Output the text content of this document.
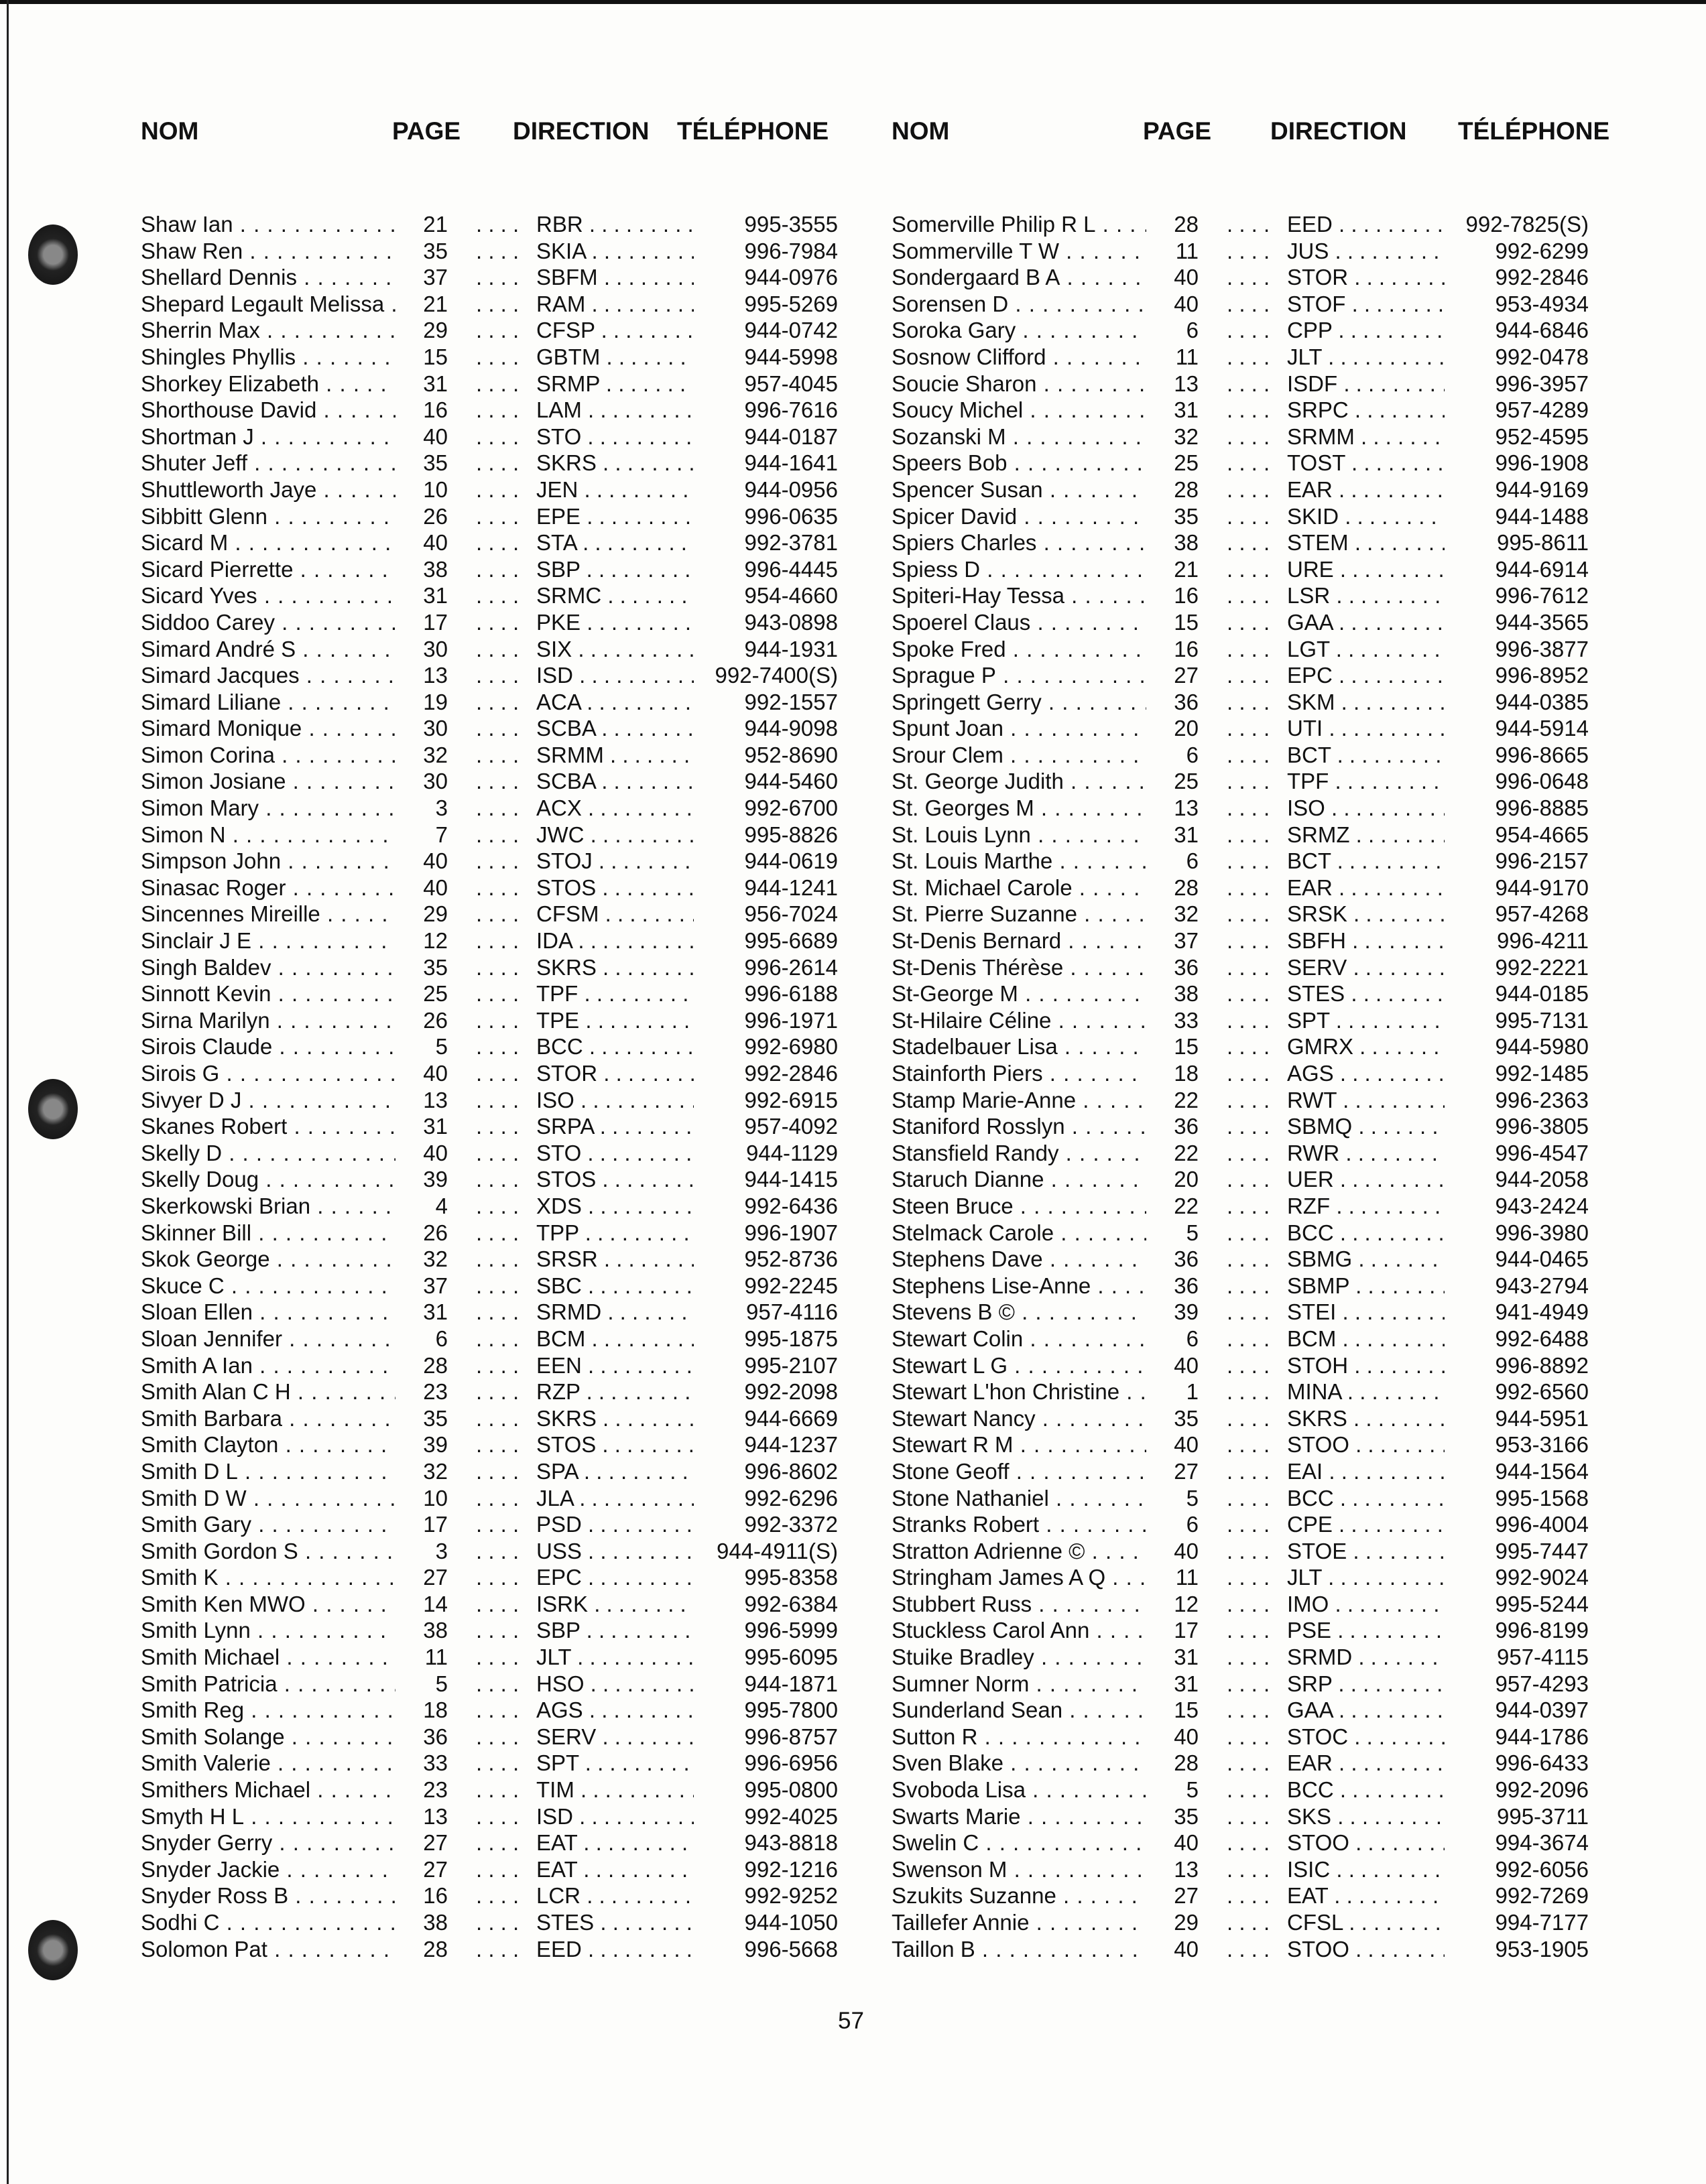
NOM	PAGE DIRECTION TÉLÉPHONE
Shaw Ian . . .	21 . . . . RBR . . .	995-3555
Shaw Ren . . .	35 . . . . SKIA . . .	996-7984
Shellard Dennis . . .	37 . . . . SBFM . . .	944-0976
Shepard Legault Melissa . . .	21 . . . . RAM . . .	995-5269
Sherrin Max . . .	29 . . . . CFSP . . .	944-0742
Shingles Phyllis . . .	15 . . . . GBTM . . .	944-5998
Shorkey Elizabeth . . .	31 . . . . SRMP . . .	957-4045
Shorthouse David . . .	16 . . . . LAM . . .	996-7616
Shortman J . . .	40 . . . . STO . . .	944-0187
Shuter Jeff . . .	35 . . . . SKRS . . .	944-1641
Shuttleworth Jaye . . .	10 . . . . JEN . . .	944-0956
Sibbitt Glenn . . .	26 . . . . EPE . . .	996-0635
Sicard M . . .	40 . . . . STA . . .	992-3781
Sicard Pierrette . . .	38 . . . . SBP . . .	996-4445
Sicard Yves . . .	31 . . . . SRMC . . .	954-4660
Siddoo Carey . . .	17 . . . . PKE . . .	943-0898
Simard André S . . .	30 . . . . SIX . . .	944-1931
Simard Jacques . . .	13 . . . . ISD . . .	992-7400(S)
Simard Liliane . . .	19 . . . . ACA . . .	992-1557
Simard Monique . . .	30 . . . . SCBA . . .	944-9098
Simon Corina . . .	32 . . . . SRMM . . .	952-8690
Simon Josiane . . .	30 . . . . SCBA . . .	944-5460
Simon Mary . . .	3 . . . . ACX . . .	992-6700
Simon N . . .	7 . . . . JWC . . .	995-8826
Simpson John . . .	40 . . . . STOJ . . .	944-0619
Sinasac Roger . . .	40 . . . . STOS . . .	944-1241
Sincennes Mireille . . .	29 . . . . CFSM . . .	956-7024
Sinclair J E . . .	12 . . . . IDA . . .	995-6689
Singh Baldev . . .	35 . . . . SKRS . . .	996-2614
Sinnott Kevin . . .	25 . . . . TPF . . .	996-6188
Sirna Marilyn . . .	26 . . . . TPE . . .	996-1971
Sirois Claude . . .	5 . . . . BCC . . .	992-6980
Sirois G . . .	40 . . . . STOR . . .	992-2846
Sivyer D J . . .	13 . . . . ISO . . .	992-6915
Skanes Robert . . .	31 . . . . SRPA . . .	957-4092
Skelly D . . .	40 . . . . STO . . .	944-1129
Skelly Doug . . .	39 . . . . STOS . . .	944-1415
Skerkowski Brian . . .	4 . . . . XDS . . .	992-6436
Skinner Bill . . .	26 . . . . TPP . . .	996-1907
Skok George . . .	32 . . . . SRSR . . .	952-8736
Skuce C . . .	37 . . . . SBC . . .	992-2245
Sloan Ellen . . .	31 . . . . SRMD . . .	957-4116
Sloan Jennifer . . .	6 . . . . BCM . . .	995-1875
Smith A Ian . . .	28 . . . . EEN . . .	995-2107
Smith Alan C H . . .	23 . . . . RZP . . .	992-2098
Smith Barbara . . .	35 . . . . SKRS . . .	944-6669
Smith Clayton . . .	39 . . . . STOS . . .	944-1237
Smith D L . . .	32 . . . . SPA . . .	996-8602
Smith D W . . .	10 . . . . JLA . . .	992-6296
Smith Gary . . .	17 . . . . PSD . . .	992-3372
Smith Gordon S . . .	3 . . . . USS . . .	944-4911(S)
Smith K . . .	27 . . . . EPC . . .	995-8358
Smith Ken MWO . . .	14 . . . . ISRK . . .	992-6384
Smith Lynn . . .	38 . . . . SBP . . .	996-5999
Smith Michael . . .	11 . . . . JLT . . .	995-6095
Smith Patricia . . .	5 . . . . HSO . . .	944-1871
Smith Reg . . .	18 . . . . AGS . . .	995-7800
Smith Solange . . .	36 . . . . SERV . . .	996-8757
Smith Valerie . . .	33 . . . . SPT . . .	996-6956
Smithers Michael . . .	23 . . . . TIM . . .	995-0800
Smyth H L . . .	13 . . . . ISD . . .	992-4025
Snyder Gerry . . .	27 . . . . EAT . . .	943-8818
Snyder Jackie . . .	27 . . . . EAT . . .	992-1216
Snyder Ross B . . .	16 . . . . LCR . . .	992-9252
Sodhi C . . .	38 . . . . STES . . .	944-1050
Solomon Pat . . .	28 . . . . EED . . .	996-5668
NOM	PAGE DIRECTION TÉLÉPHONE
Somerville Philip R L . . .	28 . . . . EED . . .	992-7825(S)
Sommerville T W . . .	11 . . . . JUS . . .	992-6299
Sondergaard B A . . .	40 . . . . STOR . . .	992-2846
Sorensen D . . .	40 . . . . STOF . . .	953-4934
Soroka Gary . . .	6 . . . . CPP . . .	944-6846
Sosnow Clifford . . .	11 . . . . JLT . . .	992-0478
Soucie Sharon . . .	13 . . . . ISDF . . .	996-3957
Soucy Michel . . .	31 . . . . SRPC . . .	957-4289
Sozanski M . . .	32 . . . . SRMM . . .	952-4595
Speers Bob . . .	25 . . . . TOST . . .	996-1908
Spencer Susan . . .	28 . . . . EAR . . .	944-9169
Spicer David . . .	35 . . . . SKID . . .	944-1488
Spiers Charles . . .	38 . . . . STEM . . .	995-8611
Spiess D . . .	21 . . . . URE . . .	944-6914
Spiteri-Hay Tessa . . .	16 . . . . LSR . . .	996-7612
Spoerel Claus . . .	15 . . . . GAA . . .	944-3565
Spoke Fred . . .	16 . . . . LGT . . .	996-3877
Sprague P . . .	27 . . . . EPC . . .	996-8952
Springett Gerry . . .	36 . . . . SKM . . .	944-0385
Spunt Joan . . .	20 . . . . UTI . . .	944-5914
Srour Clem . . .	6 . . . . BCT . . .	996-8665
St. George Judith . . .	25 . . . . TPF . . .	996-0648
St. Georges M . . .	13 . . . . ISO . . .	996-8885
St. Louis Lynn . . .	31 . . . . SRMZ . . .	954-4665
St. Louis Marthe . . .	6 . . . . BCT . . .	996-2157
St. Michael Carole . . .	28 . . . . EAR . . .	944-9170
St. Pierre Suzanne . . .	32 . . . . SRSK . . .	957-4268
St-Denis Bernard . . .	37 . . . . SBFH . . .	996-4211
St-Denis Thérèse . . .	36 . . . . SERV . . .	992-2221
St-George M . . .	38 . . . . STES . . .	944-0185
St-Hilaire Céline . . .	33 . . . . SPT . . .	995-7131
Stadelbauer Lisa . . .	15 . . . . GMRX . . .	944-5980
Stainforth Piers . . .	18 . . . . AGS . . .	992-1485
Stamp Marie-Anne . . .	22 . . . . RWT . . .	996-2363
Staniford Rosslyn . . .	36 . . . . SBMQ . . .	996-3805
Stansfield Randy . . .	22 . . . . RWR . . .	996-4547
Staruch Dianne . . .	20 . . . . UER . . .	944-2058
Steen Bruce . . .	22 . . . . RZF . . .	943-2424
Stelmack Carole . . .	5 . . . . BCC . . .	996-3980
Stephens Dave . . .	36 . . . . SBMG . . .	944-0465
Stephens Lise-Anne . . .	36 . . . . SBMP . . .	943-2794
Stevens B © . . .	39 . . . . STEI . . .	941-4949
Stewart Colin . . .	6 . . . . BCM . . .	992-6488
Stewart L G . . .	40 . . . . STOH . . .	996-8892
Stewart L'hon Christine . . .	1 . . . . MINA . . .	992-6560
Stewart Nancy . . .	35 . . . . SKRS . . .	944-5951
Stewart R M . . .	40 . . . . STOO . . .	953-3166
Stone Geoff . . .	27 . . . . EAI . . .	944-1564
Stone Nathaniel . . .	5 . . . . BCC . . .	995-1568
Stranks Robert . . .	6 . . . . CPE . . .	996-4004
Stratton Adrienne © . . .	40 . . . . STOE . . .	995-7447
Stringham James A Q . . .	11 . . . . JLT . . .	992-9024
Stubbert Russ . . .	12 . . . . IMO . . .	995-5244
Stuckless Carol Ann . . .	17 . . . . PSE . . .	996-8199
Stuike Bradley . . .	31 . . . . SRMD . . .	957-4115
Sumner Norm . . .	31 . . . . SRP . . .	957-4293
Sunderland Sean . . .	15 . . . . GAA . . .	944-0397
Sutton R . . .	40 . . . . STOC . . .	944-1786
Sven Blake . . .	28 . . . . EAR . . .	996-6433
Svoboda Lisa . . .	5 . . . . BCC . . .	992-2096
Swarts Marie . . .	35 . . . . SKS . . .	995-3711
Swelin C . . .	40 . . . . STOO . . .	994-3674
Swenson M . . .	13 . . . . ISIC . . .	992-6056
Szukits Suzanne . . .	27 . . . . EAT . . .	992-7269
Taillefer Annie . . .	29 . . . . CFSL . . .	994-7177
Taillon B . . .	40 . . . . STOO . . .	953-1905
57
